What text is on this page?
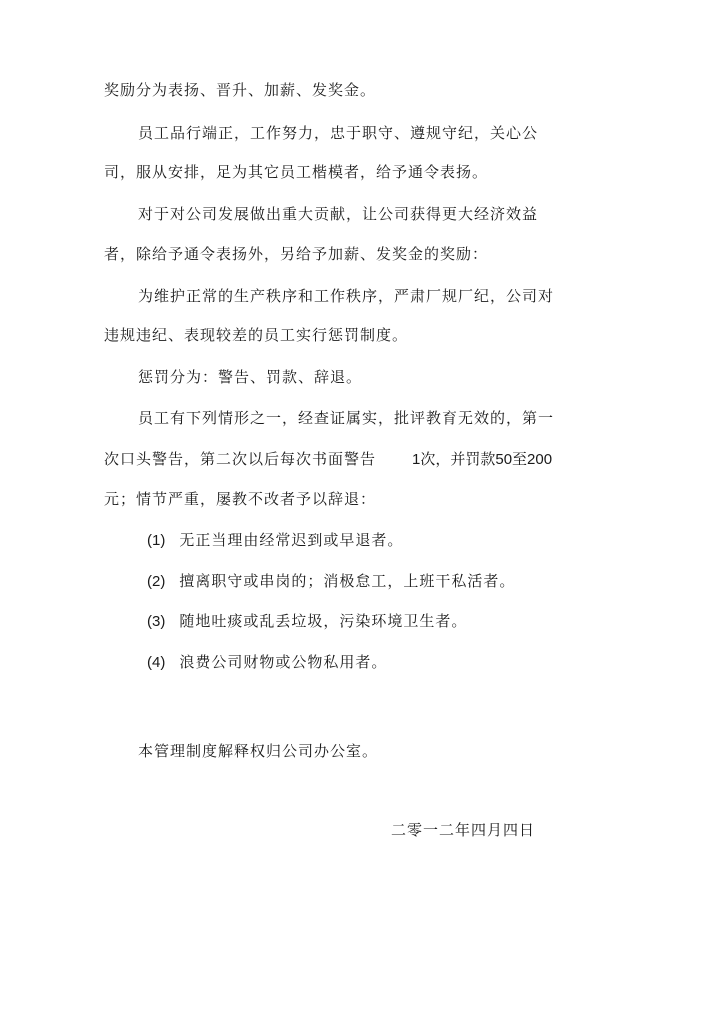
奖励分为表扬、晋升、加薪、发奖金。
员工品行端正，工作努力，忠于职守、遵规守纪，关心公
司，服从安排，足为其它员工楷模者，给予通令表扬。
对于对公司发展做出重大贡献，让公司获得更大经济效益
者，除给予通令表扬外，另给予加薪、发奖金的奖励：
为维护正常的生产秩序和工作秩序，严肃厂规厂纪，公司对
违规违纪、表现较差的员工实行惩罚制度。
惩罚分为：警告、罚款、辞退。
员工有下列情形之一，经查证属实，批评教育无效的，第一
次口头警告，第二次以后每次书面警告 1次，并罚款50至200
元；情节严重，屡教不改者予以辞退：
(1) 无正当理由经常迟到或早退者。
(2) 擅离职守或串岗的；消极怠工，上班干私活者。
(3) 随地吐痰或乱丢垃圾，污染环境卫生者。
(4) 浪费公司财物或公物私用者。
本管理制度解释权归公司办公室。
二零一二年四月四日
